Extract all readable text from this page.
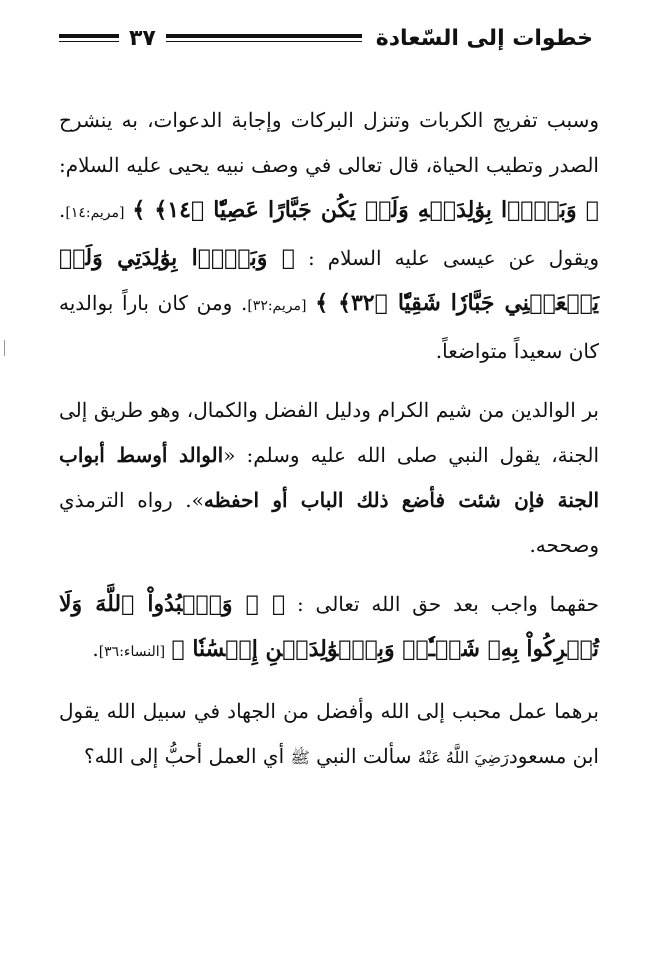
خطوات إلى السّعادة
٣٧

وسبب تفريج الكربات وتنزل البركات وإجابة الدعوات، به ينشرح الصدر وتطيب الحياة، قال تعالى في وصف نبيه يحيى عليه السلام: ﴿ وَبَرًّۢا بِوَٰلِدَيۡهِ وَلَمۡ يَكُن جَبَّارًا عَصِيّٗا ﴿١٤﴾ ﴾ [مريم:١٤]. ويقول عن عيسى عليه السلام : ﴿ وَبَرَّۢا بِوَٰلِدَتِي وَلَمۡ يَجۡعَلۡنِي جَبَّارٗا شَقِيّٗا ﴿٣٢﴾ ﴾ [مريم:٣٢]. ومن كان باراً بوالديه كان سعيداً متواضعاً.

بر الوالدين من شيم الكرام ودليل الفضل والكمال، وهو طريق إلى الجنة، يقول النبي صلى الله عليه وسلم: «الوالد أوسط أبواب الجنة فإن شئت فأضع ذلك الباب أو احفظه». رواه الترمذي وصححه.

حقهما واجب بعد حق الله تعالى : ﴿ ۞ وَٱعۡبُدُواْ ٱللَّهَ وَلَا تُشۡرِكُواْ بِهِۦ شَيۡـٔٗاۖ وَبِٱلۡوَٰلِدَيۡنِ إِحۡسَٰنٗا ﴾ [النساء:٣٦].

برهما عمل محبب إلى الله وأفضل من الجهاد في سبيل الله يقول ابن مسعودرَضِيَ اللَّهُ عَنْهُ سألت النبي ﷺ أي العمل أحبُّ إلى الله؟
